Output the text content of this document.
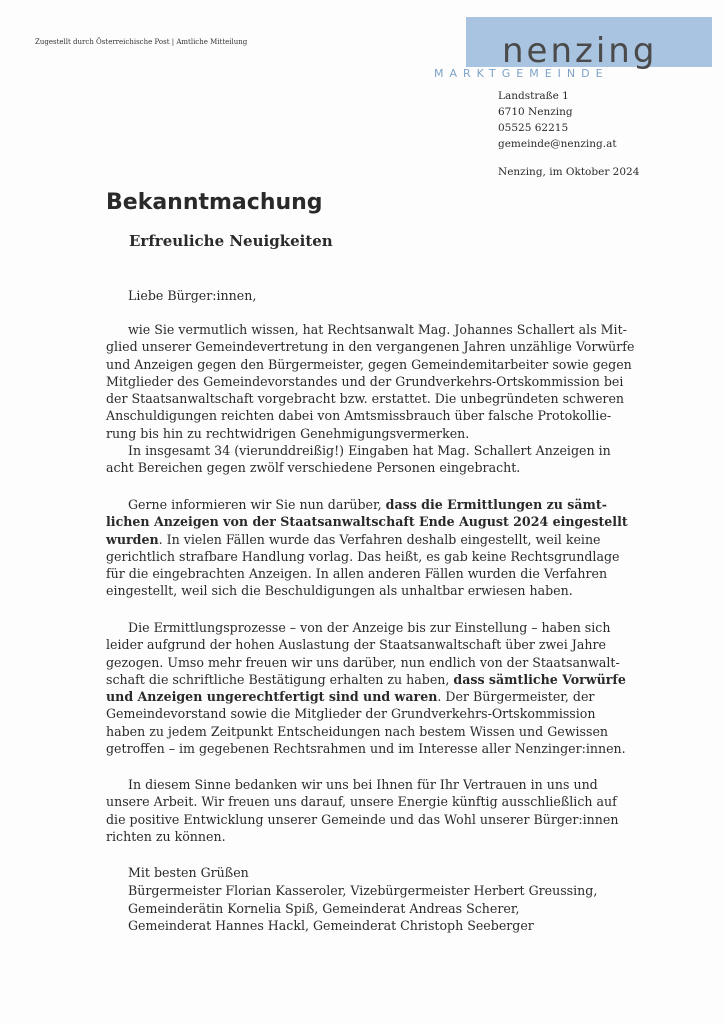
Zugestellt durch Österreichische Post | Amtliche Mitteilung	nenzing
MARKTGEMEINDE
Landstraße 1
6710 Nenzing
05525 62215
gemeinde@nenzing.at
Nenzing, im Oktober 2024
Bekanntmachung
Erfreuliche Neuigkeiten
Liebe Bürger:innen,
wie Sie vermutlich wissen, hat Rechtsanwalt Mag. Johannes Schallert als Mit-
glied unserer Gemeindevertretung in den vergangenen Jahren unzählige Vorwürfe
und Anzeigen gegen den Bürgermeister, gegen Gemeindemitarbeiter sowie gegen
Mitglieder des Gemeindevorstandes und der Grundverkehrs-Ortskommission bei
der Staatsanwaltschaft vorgebracht bzw. erstattet. Die unbegründeten schweren
Anschuldigungen reichten dabei von Amtsmissbrauch über falsche Protokollie-
rung bis hin zu rechtwidrigen Genehmigungsvermerken.
In insgesamt 34 (vierunddreißig!) Eingaben hat Mag. Schallert Anzeigen in
acht Bereichen gegen zwölf verschiedene Personen eingebracht.
Gerne informieren wir Sie nun darüber, dass die Ermittlungen zu sämt-
lichen Anzeigen von der Staatsanwaltschaft Ende August 2024 eingestellt
wurden. In vielen Fällen wurde das Verfahren deshalb eingestellt, weil keine
gerichtlich strafbare Handlung vorlag. Das heißt, es gab keine Rechtsgrundlage
für die eingebrachten Anzeigen. In allen anderen Fällen wurden die Verfahren
eingestellt, weil sich die Beschuldigungen als unhaltbar erwiesen haben.
Die Ermittlungsprozesse – von der Anzeige bis zur Einstellung – haben sich
leider aufgrund der hohen Auslastung der Staatsanwaltschaft über zwei Jahre
gezogen. Umso mehr freuen wir uns darüber, nun endlich von der Staatsanwalt-
schaft die schriftliche Bestätigung erhalten zu haben, dass sämtliche Vorwürfe
und Anzeigen ungerechtfertigt sind und waren. Der Bürgermeister, der
Gemeindevorstand sowie die Mitglieder der Grundverkehrs-Ortskommission
haben zu jedem Zeitpunkt Entscheidungen nach bestem Wissen und Gewissen
getroffen – im gegebenen Rechtsrahmen und im Interesse aller Nenzinger:innen.
In diesem Sinne bedanken wir uns bei Ihnen für Ihr Vertrauen in uns und
unsere Arbeit. Wir freuen uns darauf, unsere Energie künftig ausschließlich auf
die positive Entwicklung unserer Gemeinde und das Wohl unserer Bürger:innen
richten zu können.
Mit besten Grüßen
Bürgermeister Florian Kasseroler, Vizebürgermeister Herbert Greussing,
Gemeinderätin Kornelia Spiß, Gemeinderat Andreas Scherer,
Gemeinderat Hannes Hackl, Gemeinderat Christoph Seeberger
